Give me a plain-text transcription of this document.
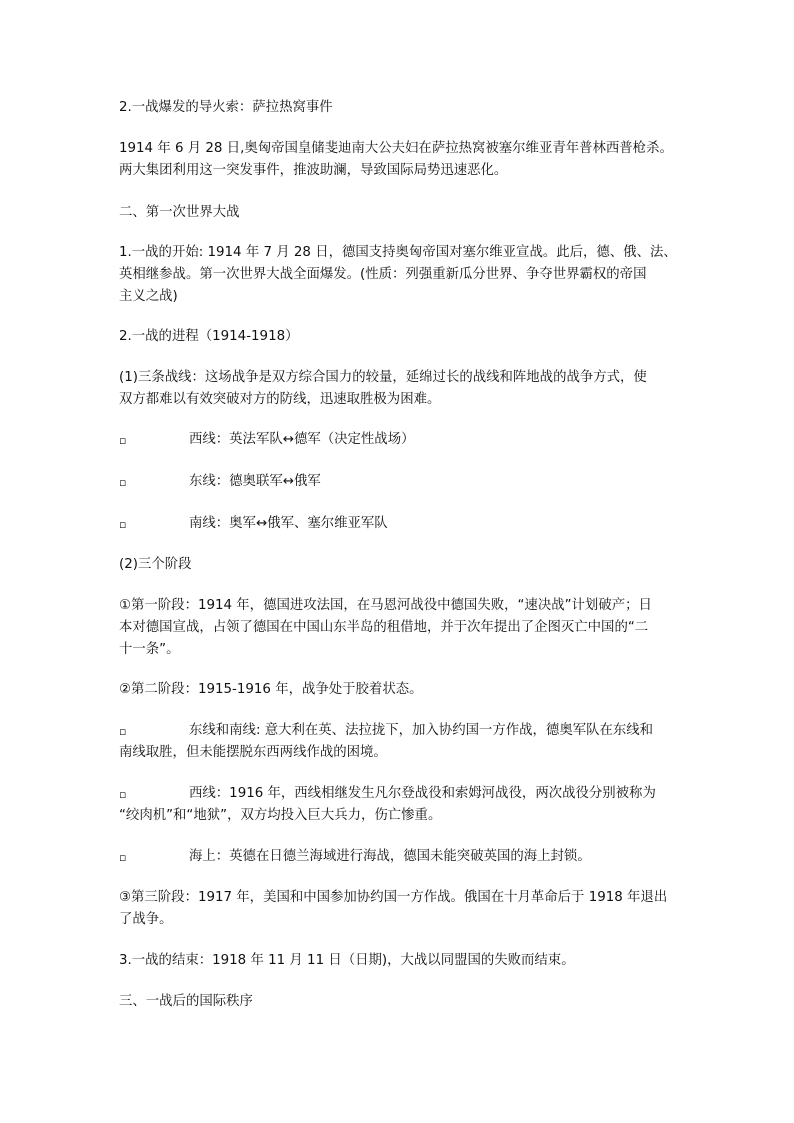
2.一战爆发的导火索：萨拉热窝事件

1914 年 6 月 28 日,奥匈帝国皇储斐迪南大公夫妇在萨拉热窝被塞尔维亚青年普林西普枪杀。
两大集团利用这一突发事件，推波助澜，导致国际局势迅速恶化。

二、第一次世界大战

1.一战的开始: 1914 年 7 月 28 日，德国支持奥匈帝国对塞尔维亚宣战。此后，德、俄、法、
英相继参战。第一次世界大战全面爆发。(性质：列强重新瓜分世界、争夺世界霸权的帝国
主义之战)

2.一战的进程（1914-1918）

(1)三条战线：这场战争是双方综合国力的较量，延绵过长的战线和阵地战的战争方式，使
双方都难以有效突破对方的防线，迅速取胜极为困难。

▫	西线：英法军队↔德军（决定性战场）

▫	东线：德奥联军↔俄军

▫	南线：奥军↔俄军、塞尔维亚军队

(2)三个阶段

①第一阶段：1914 年，德国进攻法国，在马恩河战役中德国失败，“速决战”计划破产；日
本对德国宣战，占领了德国在中国山东半岛的租借地，并于次年提出了企图灭亡中国的“二
十一条”。

②第二阶段：1915-1916 年，战争处于胶着状态。

▫	东线和南线: 意大利在英、法拉拢下，加入协约国一方作战，德奥军队在东线和
南线取胜，但未能摆脱东西两线作战的困境。

▫	西线：1916 年，西线相继发生凡尔登战役和索姆河战役，两次战役分别被称为
“绞肉机”和“地狱”，双方均投入巨大兵力，伤亡惨重。

▫	海上：英德在日德兰海域进行海战，德国未能突破英国的海上封锁。

③第三阶段：1917 年，美国和中国参加协约国一方作战。俄国在十月革命后于 1918 年退出
了战争。

3.一战的结束：1918 年 11 月 11 日（日期)，大战以同盟国的失败而结束。

三、一战后的国际秩序
